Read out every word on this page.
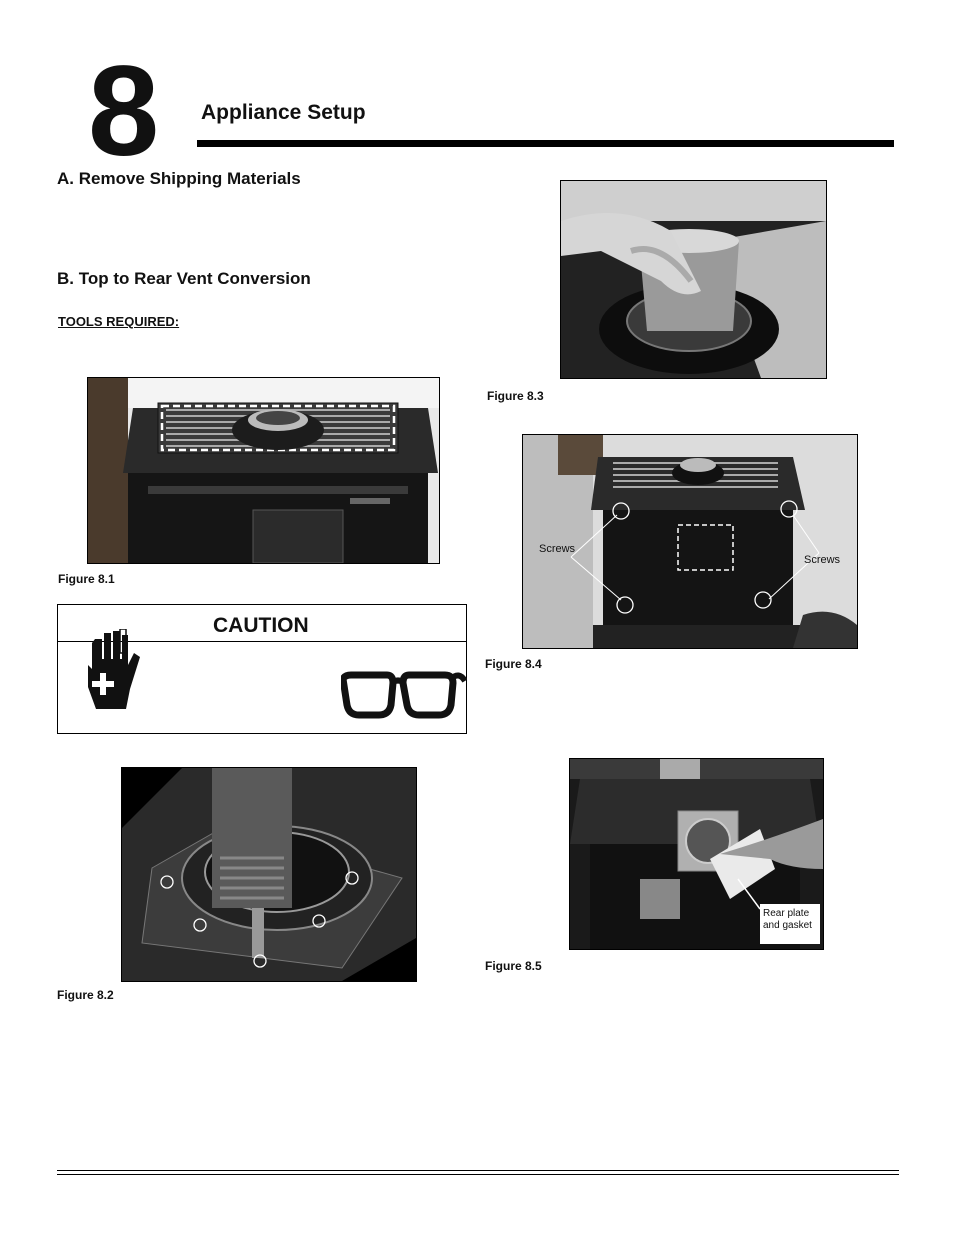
8 Appliance Setup
A. Remove Shipping Materials
B. Top to Rear Vent Conversion
TOOLS REQUIRED:
Figure 8.1
CAUTION
Figure 8.2
Figure 8.3
Screws
Screws
Figure 8.4
Rear plate
and gasket
Figure 8.5
